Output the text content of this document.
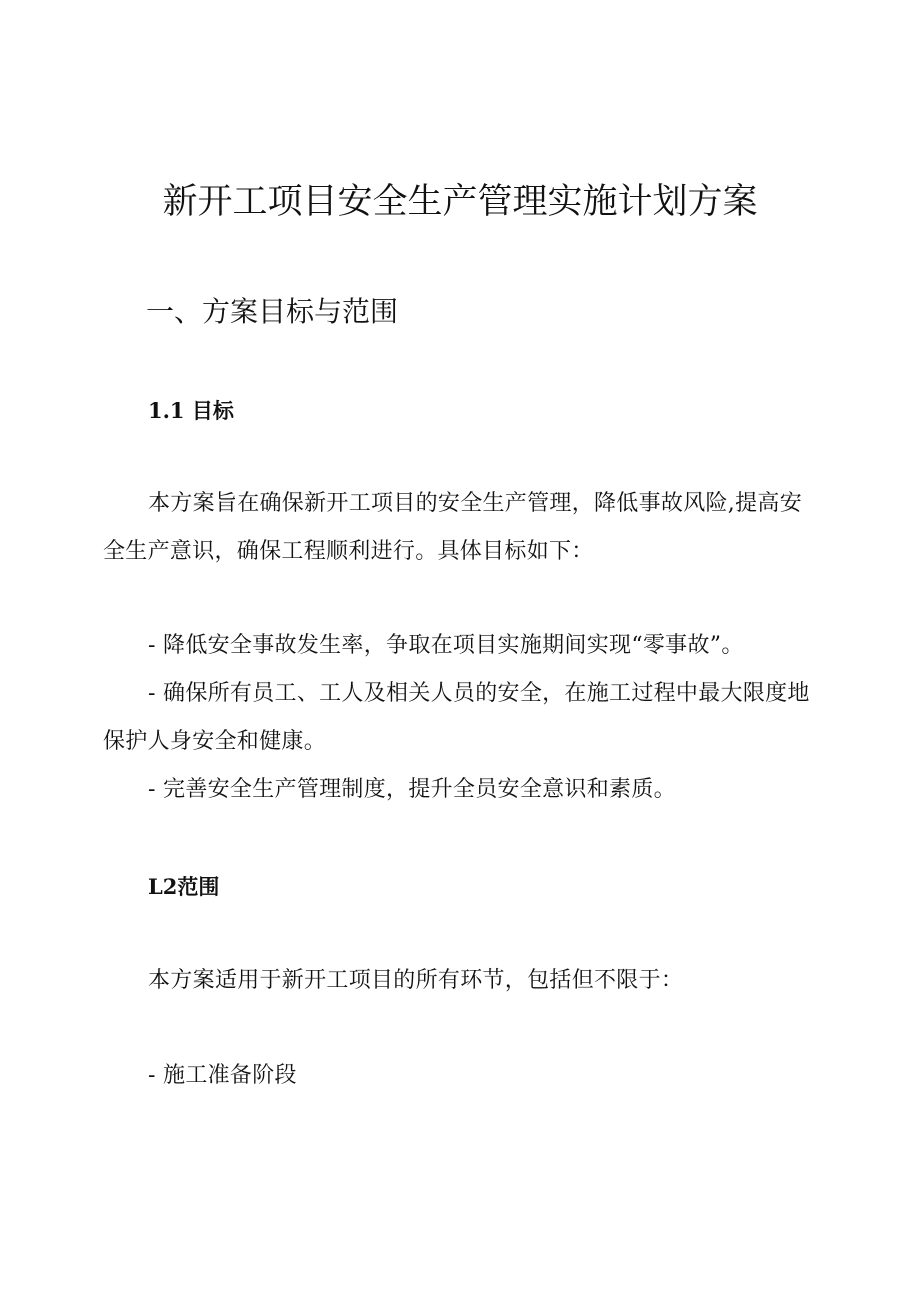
新开工项目安全生产管理实施计划方案
一、方案目标与范围
1.1 目标

本方案旨在确保新开工项目的安全生产管理，降低事故风险,提高安全生产意识，确保工程顺利进行。具体目标如下：

- 降低安全事故发生率，争取在项目实施期间实现“零事故”。

- 确保所有员工、工人及相关人员的安全，在施工过程中最大限度地保护人身安全和健康。

- 完善安全生产管理制度，提升全员安全意识和素质。

L2范围

本方案适用于新开工项目的所有环节，包括但不限于：

- 施工准备阶段
